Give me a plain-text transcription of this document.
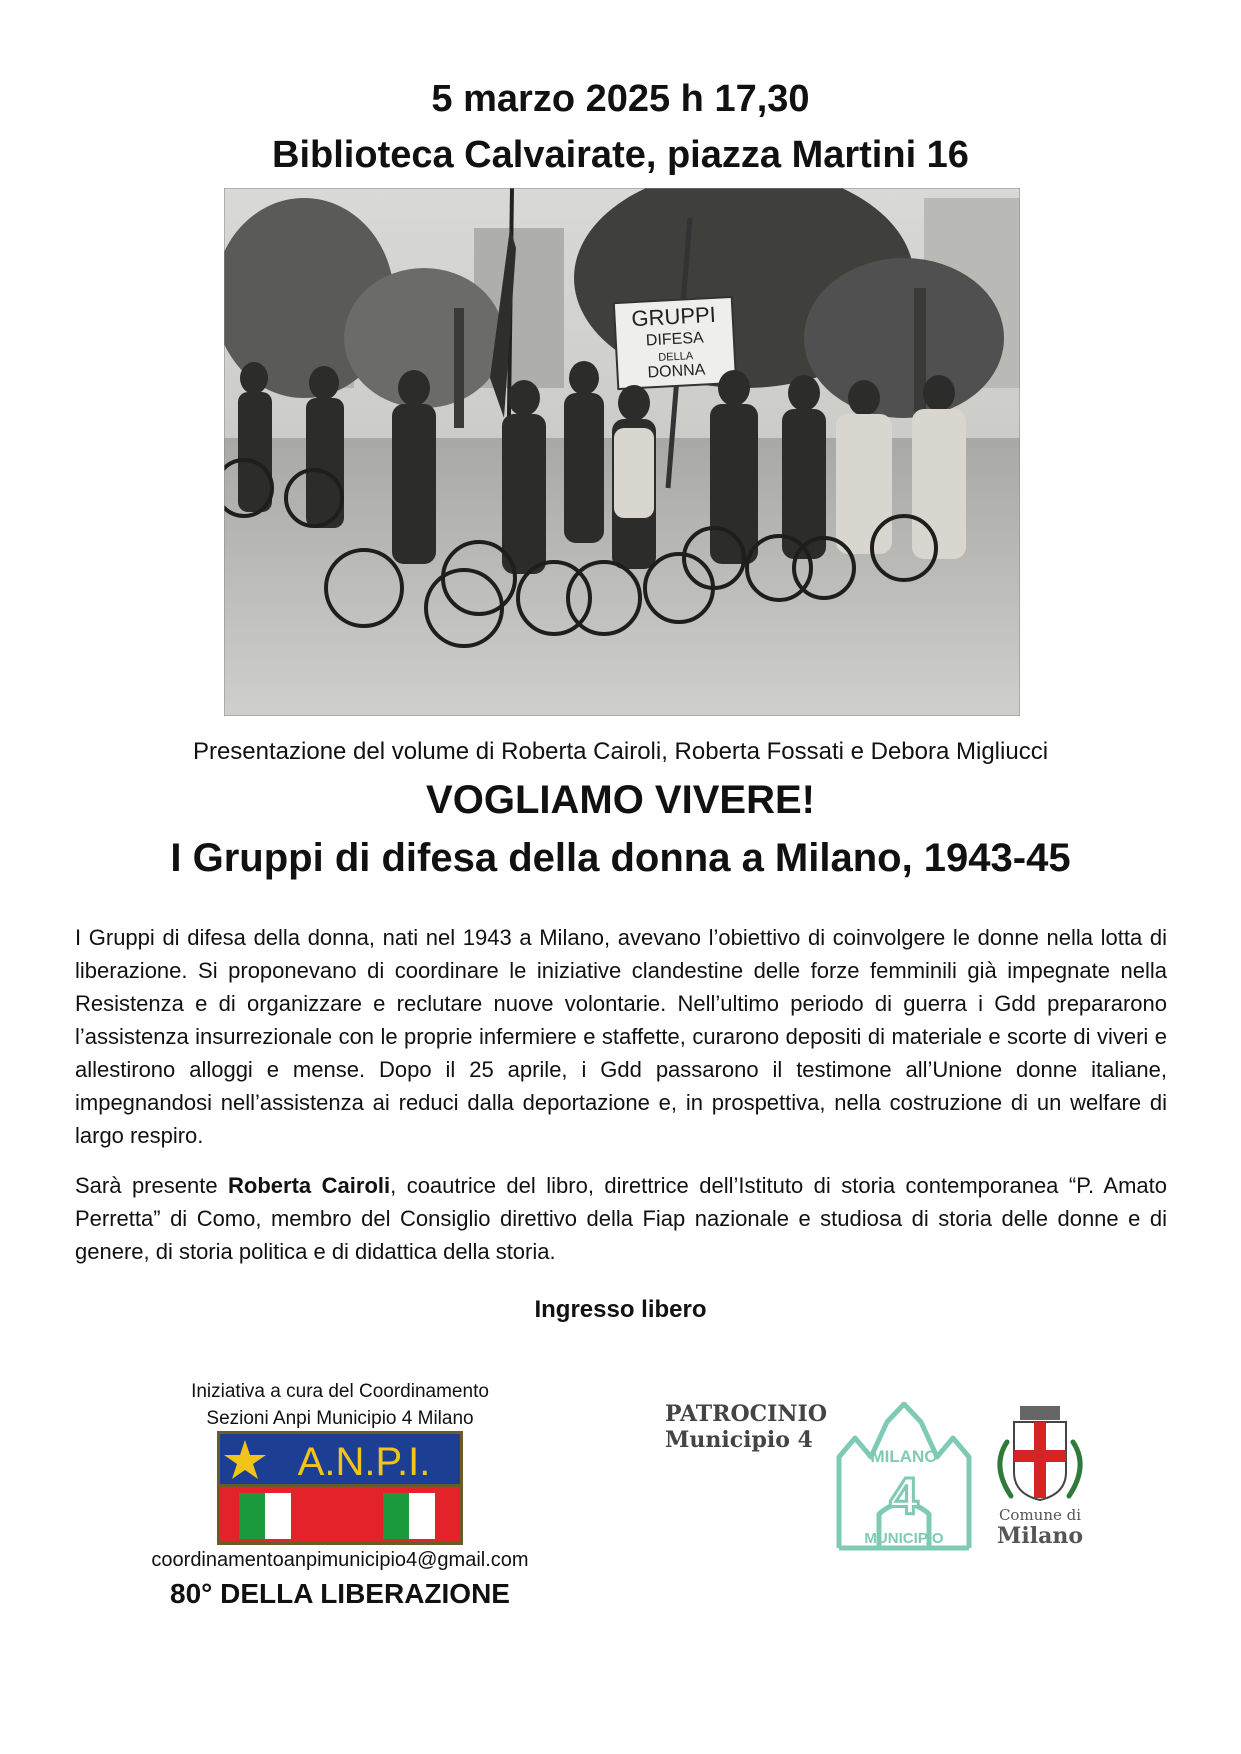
5 marzo 2025 h 17,30
Biblioteca Calvairate, piazza Martini 16
GRUPPI
DIFESA
DELLA
DONNA
Presentazione del volume di Roberta Cairoli, Roberta Fossati e Debora Migliucci
VOGLIAMO VIVERE!
I Gruppi di difesa della donna a Milano, 1943-45
I Gruppi di difesa della donna, nati nel 1943 a Milano, avevano l’obiettivo di coinvolgere le donne nella lotta di liberazione. Si proponevano di coordinare le iniziative clandestine delle forze femminili già impegnate nella Resistenza e di organizzare e reclutare nuove volontarie. Nell’ultimo periodo di guerra i Gdd prepararono l’assistenza insurrezionale con le proprie infermiere e staffette, curarono depositi di materiale e scorte di viveri e allestirono alloggi e mense. Dopo il 25 aprile, i Gdd passarono il testimone all’Unione donne italiane, impegnandosi nell’assistenza ai reduci dalla deportazione e, in prospettiva, nella costruzione di un welfare di largo respiro.
Sarà presente Roberta Cairoli, coautrice del libro, direttrice dell’Istituto di storia contemporanea “P. Amato Perretta” di Como, membro del Consiglio direttivo della Fiap nazionale e studiosa di storia delle donne e di genere, di storia politica e di didattica della storia.
Ingresso libero
Iniziativa a cura del Coordinamento
Sezioni Anpi Municipio 4 Milano
A.N.P.I.
coordinamentoanpimunicipio4@gmail.com
80° DELLA LIBERAZIONE
PATROCINIO
Municipio 4
MILANO
4
MUNICIPIO
Comune di
Milano
